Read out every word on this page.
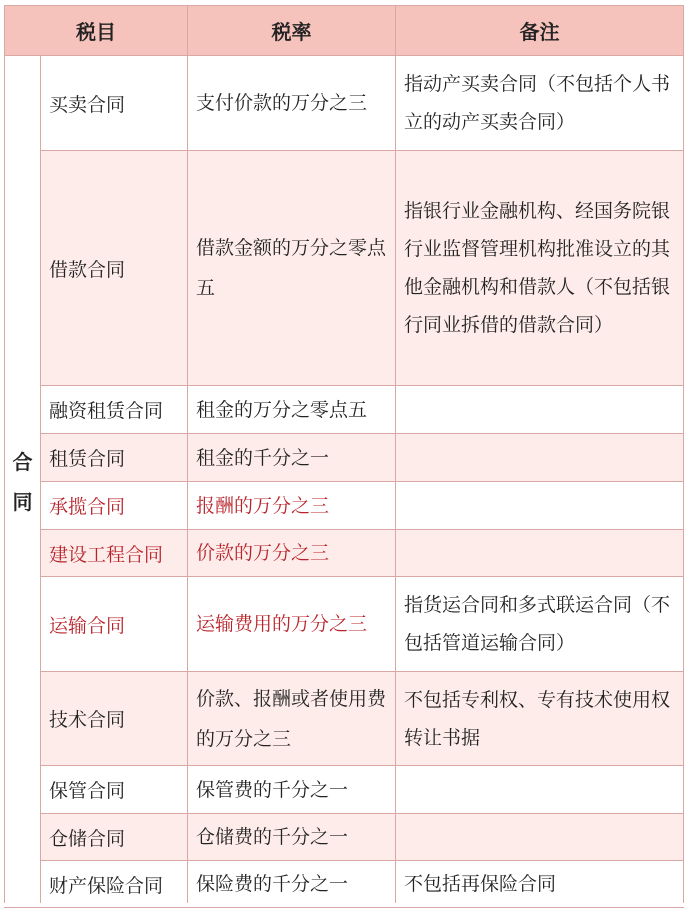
税目		税率	备注

合
同	买卖合同	支付价款的万分之三	指动产买卖合同（不包括个人书立的动产买卖合同）
	借款合同	借款金额的万分之零点五	指银行业金融机构、经国务院银行业监督管理机构批准设立的其他金融机构和借款人（不包括银行同业拆借的借款合同）
	融资租赁合同	租金的万分之零点五	
	租赁合同	租金的千分之一	
	承揽合同	报酬的万分之三	
	建设工程合同	价款的万分之三	
	运输合同	运输费用的万分之三	指货运合同和多式联运合同（不包括管道运输合同）
	技术合同	价款、报酬或者使用费的万分之三	不包括专利权、专有技术使用权转让书据
	保管合同	保管费的千分之一	
	仓储合同	仓储费的千分之一	
	财产保险合同	保险费的千分之一	不包括再保险合同
